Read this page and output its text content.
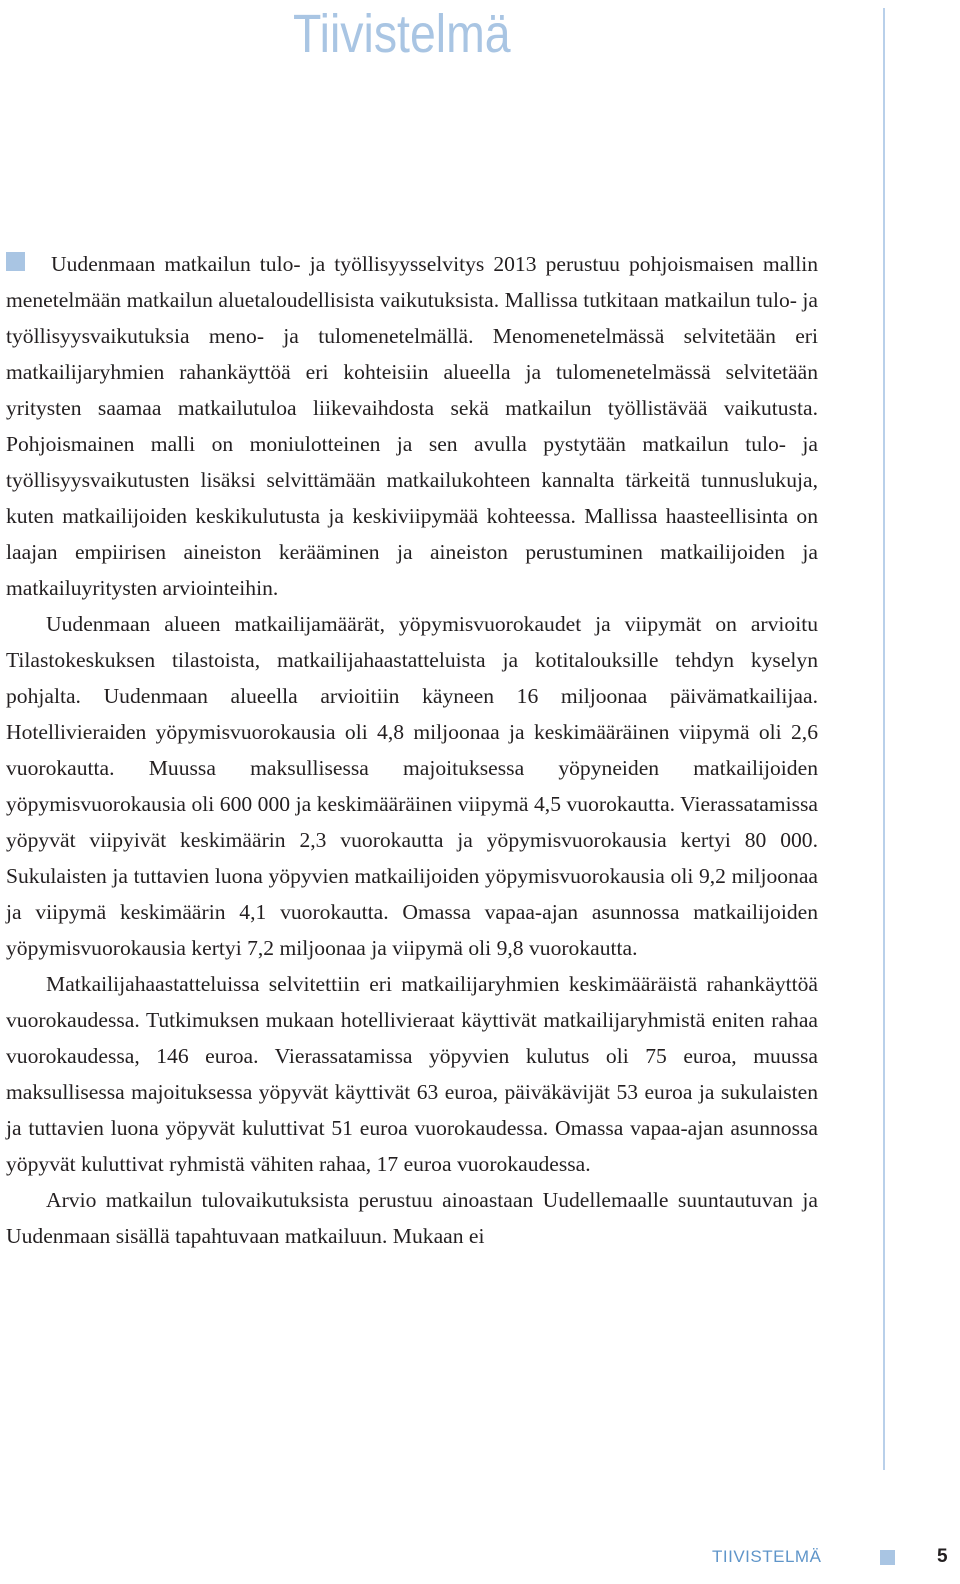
Tiivistelmä

Uudenmaan matkailun tulo- ja työllisyysselvitys 2013 perustuu pohjoismaisen mallin menetelmään matkailun aluetaloudellisista vaikutuksista. Mallissa tutkitaan matkailun tulo- ja työllisyysvaikutuksia meno- ja tulomenetelmällä. Menomenetelmässä selvitetään eri matkailijaryhmien rahankäyttöä eri kohteisiin alueella ja tulomenetelmässä selvitetään yritysten saamaa matkailutuloa liikevaihdosta sekä matkailun työllistävää vaikutusta. Pohjoismainen malli on moniulotteinen ja sen avulla pystytään matkailun tulo- ja työllisyysvaikutusten lisäksi selvittämään matkailukohteen kannalta tärkeitä tunnuslukuja, kuten matkailijoiden keskikulutusta ja keskiviipymää kohteessa. Mallissa haasteellisinta on laajan empiirisen aineiston kerääminen ja aineiston perustuminen matkailijoiden ja matkailuyritysten arviointeihin.

Uudenmaan alueen matkailijamäärät, yöpymisvuorokaudet ja viipymät on arvioitu Tilastokeskuksen tilastoista, matkailijahaastatteluista ja kotitalouksille tehdyn kyselyn pohjalta. Uudenmaan alueella arvioitiin käyneen 16 miljoonaa päivämatkailijaa. Hotellivieraiden yöpymisvuorokausia oli 4,8 miljoonaa ja keskimääräinen viipymä oli 2,6 vuorokautta. Muussa maksullisessa majoituksessa yöpyneiden matkailijoiden yöpymisvuorokausia oli 600 000 ja keskimääräinen viipymä 4,5 vuorokautta. Vierassatamissa yöpyvät viipyivät keskimäärin 2,3 vuorokautta ja yöpymisvuorokausia kertyi 80 000. Sukulaisten ja tuttavien luona yöpyvien matkailijoiden yöpymisvuorokausia oli 9,2 miljoonaa ja viipymä keskimäärin 4,1 vuorokautta. Omassa vapaa-ajan asunnossa matkailijoiden yöpymisvuorokausia kertyi 7,2 miljoonaa ja viipymä oli 9,8 vuorokautta.

Matkailijahaastatteluissa selvitettiin eri matkailijaryhmien keskimääräistä rahankäyttöä vuorokaudessa. Tutkimuksen mukaan hotellivieraat käyttivät matkailijaryhmistä eniten rahaa vuorokaudessa, 146 euroa. Vierassatamissa yöpyvien kulutus oli 75 euroa, muussa maksullisessa majoituksessa yöpyvät käyttivät 63 euroa, päiväkävijät 53 euroa ja sukulaisten ja tuttavien luona yöpyvät kuluttivat 51 euroa vuorokaudessa. Omassa vapaa-ajan asunnossa yöpyvät kuluttivat ryhmistä vähiten rahaa, 17 euroa vuorokaudessa.

Arvio matkailun tulovaikutuksista perustuu ainoastaan Uudellemaalle suuntautuvan ja Uudenmaan sisällä tapahtuvaan matkailuun. Mukaan ei

TIIVISTELMÄ	5
